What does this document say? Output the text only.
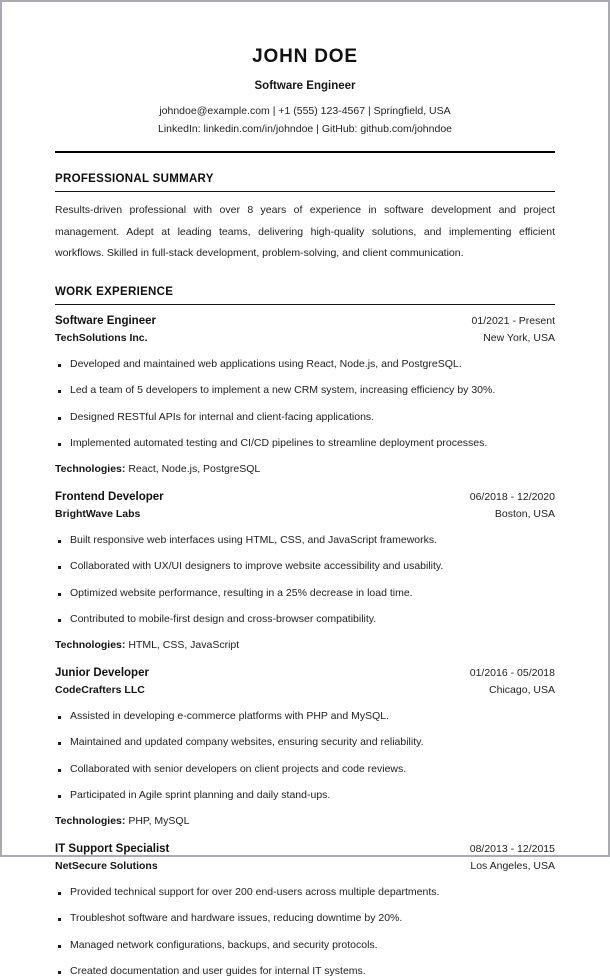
JOHN DOE
Software Engineer
johndoe@example.com | +1 (555) 123-4567 | Springfield, USA
LinkedIn: linkedin.com/in/johndoe | GitHub: github.com/johndoe
PROFESSIONAL SUMMARY

Results-driven professional with over 8 years of experience in software development and project management. Adept at leading teams, delivering high-quality solutions, and implementing efficient workflows. Skilled in full-stack development, problem-solving, and client communication.

WORK EXPERIENCE
Software Engineer	01/2021 - Present
TechSolutions Inc.	New York, USA
Developed and maintained web applications using React, Node.js, and PostgreSQL.
Led a team of 5 developers to implement a new CRM system, increasing efficiency by 30%.
Designed RESTful APIs for internal and client-facing applications.
Implemented automated testing and CI/CD pipelines to streamline deployment processes.

Technologies: React, Node.js, PostgreSQL

Frontend Developer	06/2018 - 12/2020
BrightWave Labs	Boston, USA
Built responsive web interfaces using HTML, CSS, and JavaScript frameworks.
Collaborated with UX/UI designers to improve website accessibility and usability.
Optimized website performance, resulting in a 25% decrease in load time.
Contributed to mobile-first design and cross-browser compatibility.

Technologies: HTML, CSS, JavaScript

Junior Developer	01/2016 - 05/2018
CodeCrafters LLC	Chicago, USA
Assisted in developing e-commerce platforms with PHP and MySQL.
Maintained and updated company websites, ensuring security and reliability.
Collaborated with senior developers on client projects and code reviews.
Participated in Agile sprint planning and daily stand-ups.

Technologies: PHP, MySQL

IT Support Specialist	08/2013 - 12/2015
NetSecure Solutions	Los Angeles, USA
Provided technical support for over 200 end-users across multiple departments.
Troubleshot software and hardware issues, reducing downtime by 20%.
Managed network configurations, backups, and security protocols.
Created documentation and user guides for internal IT systems.
